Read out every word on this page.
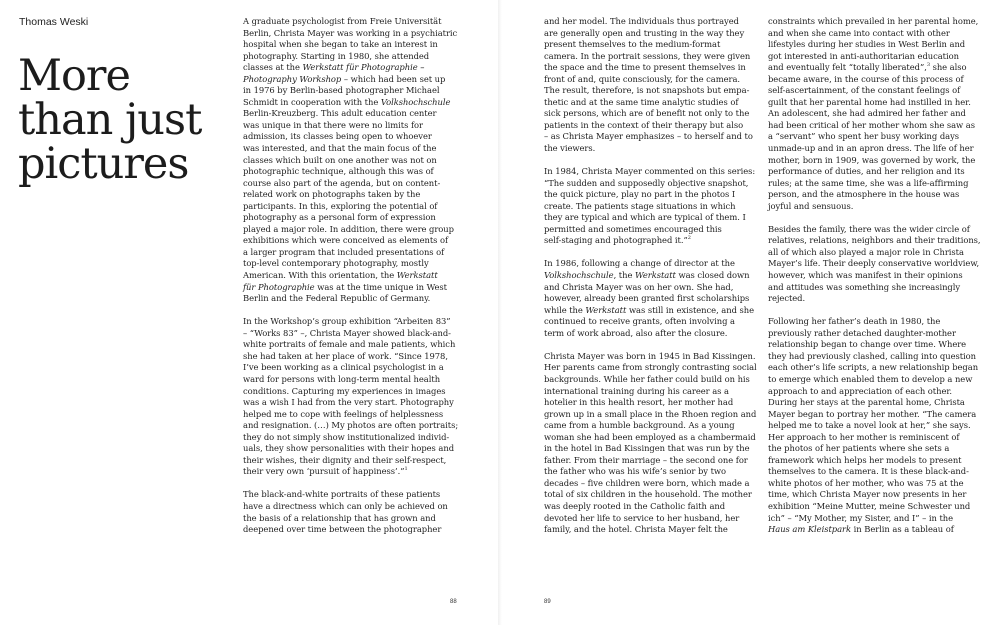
Thomas Weski
More
than just
pictures

A graduate psychologist from Freie Universität
Berlin, Christa Mayer was working in a psychiatric
hospital when she began to take an interest in
photography. Starting in 1980, she attended
classes at the Werkstatt für Photographie –
Photography Workshop – which had been set up
in 1976 by Berlin-based photographer Michael
Schmidt in cooperation with the Volkshochschule
Berlin-Kreuzberg. This adult education center
was unique in that there were no limits for
admission, its classes being open to whoever
was interested, and that the main focus of the
classes which built on one another was not on
photographic technique, although this was of
course also part of the agenda, but on content-
related work on photographs taken by the
participants. In this, exploring the potential of
photography as a personal form of expression
played a major role. In addition, there were group
exhibitions which were conceived as elements of
a larger program that included presentations of
top-level contemporary photography, mostly
American. With this orientation, the Werkstatt
für Photographie was at the time unique in West
Berlin and the Federal Republic of Germany.

In the Workshop’s group exhibition “Arbeiten 83”
– “Works 83” –, Christa Mayer showed black-and-
white portraits of female and male patients, which
she had taken at her place of work. “Since 1978,
I’ve been working as a clinical psychologist in a
ward for persons with long-term mental health
conditions. Capturing my experiences in images
was a wish I had from the very start. Photography
helped me to cope with feelings of helplessness
and resignation. (…) My photos are often portraits;
they do not simply show institutionalized individ-
uals, they show personalities with their hopes and
their wishes, their dignity and their self-respect,
their very own ‘pursuit of happiness’.”$^1$

The black-and-white portraits of these patients
have a directness which can only be achieved on
the basis of a relationship that has grown and
deepened over time between the photographer

and her model. The individuals thus portrayed
are generally open and trusting in the way they
present themselves to the medium-format
camera. In the portrait sessions, they were given
the space and the time to present themselves in
front of and, quite consciously, for the camera.
The result, therefore, is not snapshots but empa-
thetic and at the same time analytic studies of
sick persons, which are of benefit not only to the
patients in the context of their therapy but also
– as Christa Mayer emphasizes – to herself and to
the viewers.

In 1984, Christa Mayer commented on this series:
“The sudden and supposedly objective snapshot,
the quick picture, play no part in the photos I
create. The patients stage situations in which
they are typical and which are typical of them. I
permitted and sometimes encouraged this
self-staging and photographed it.”$^2$

In 1986, following a change of director at the
Volkshochschule, the Werkstatt was closed down
and Christa Mayer was on her own. She had,
however, already been granted first scholarships
while the Werkstatt was still in existence, and she
continued to receive grants, often involving a
term of work abroad, also after the closure.

Christa Mayer was born in 1945 in Bad Kissingen.
Her parents came from strongly contrasting social
backgrounds. While her father could build on his
international training during his career as a
hotelier in this health resort, her mother had
grown up in a small place in the Rhoen region and
came from a humble background. As a young
woman she had been employed as a chambermaid
in the hotel in Bad Kissingen that was run by the
father. From their marriage – the second one for
the father who was his wife’s senior by two
decades – five children were born, which made a
total of six children in the household. The mother
was deeply rooted in the Catholic faith and
devoted her life to service to her husband, her
family, and the hotel. Christa Mayer felt the

constraints which prevailed in her parental home,
and when she came into contact with other
lifestyles during her studies in West Berlin and
got interested in anti-authoritarian education
and eventually felt “totally liberated”,$^3$ she also
became aware, in the course of this process of
self-ascertainment, of the constant feelings of
guilt that her parental home had instilled in her.
An adolescent, she had admired her father and
had been critical of her mother whom she saw as
a “servant” who spent her busy working days
unmade-up and in an apron dress. The life of her
mother, born in 1909, was governed by work, the
performance of duties, and her religion and its
rules; at the same time, she was a life-affirming
person, and the atmosphere in the house was
joyful and sensuous.

Besides the family, there was the wider circle of
relatives, relations, neighbors and their traditions,
all of which also played a major role in Christa
Mayer’s life. Their deeply conservative worldview,
however, which was manifest in their opinions
and attitudes was something she increasingly
rejected.

Following her father’s death in 1980, the
previously rather detached daughter-mother
relationship began to change over time. Where
they had previously clashed, calling into question
each other’s life scripts, a new relationship began
to emerge which enabled them to develop a new
approach to and appreciation of each other.
During her stays at the parental home, Christa
Mayer began to portray her mother. “The camera
helped me to take a novel look at her,” she says.
Her approach to her mother is reminiscent of
the photos of her patients where she sets a
framework which helps her models to present
themselves to the camera. It is these black-and-
white photos of her mother, who was 75 at the
time, which Christa Mayer now presents in her
exhibition “Meine Mutter, meine Schwester und
ich” – “My Mother, my Sister, and I” – in the
Haus am Kleistpark in Berlin as a tableau of

88	89
